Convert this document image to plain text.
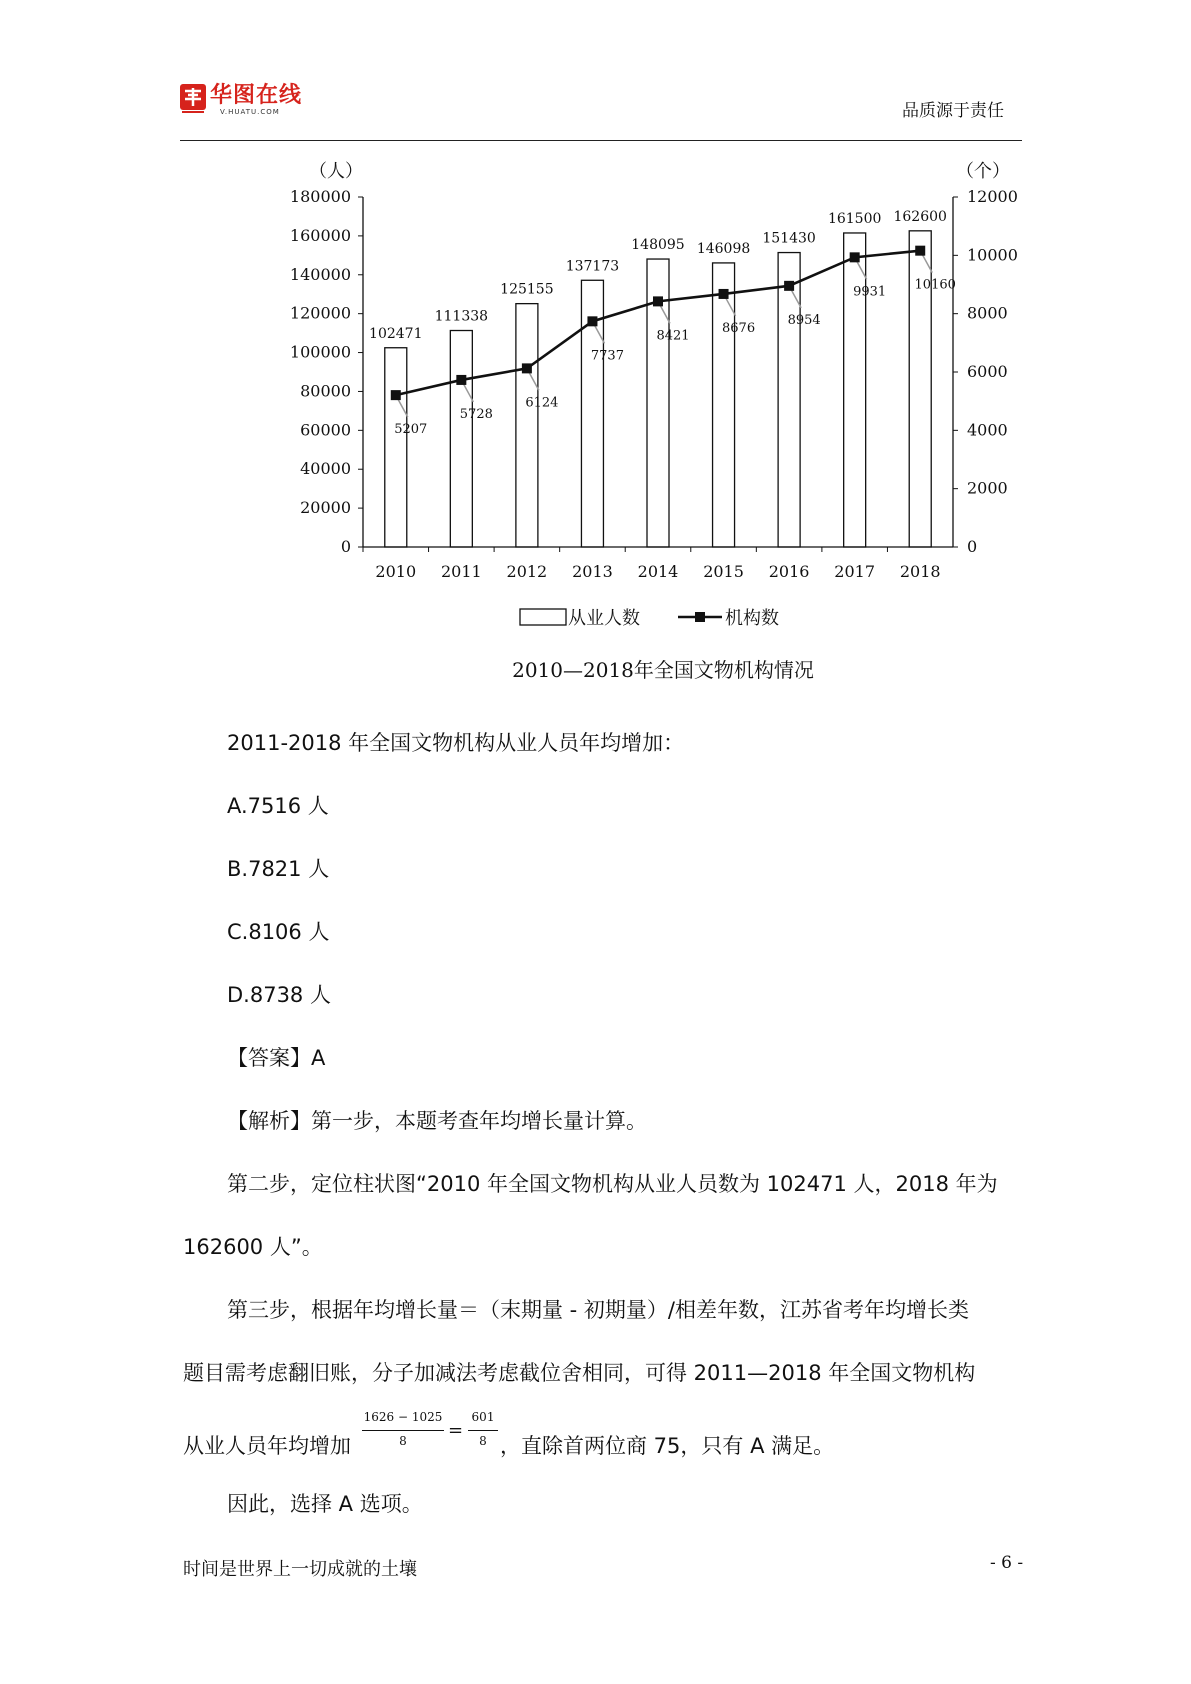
华图在线
V.HUATU.COM	品质源于责任
102471
111338
125155
137173
148095 146098
151430
161500 162600
0
20000
40000
60000
80000
100000
120000
140000
160000
180000
0
2000
4000
6000
8000
10000
12000
（人）	（个）
2010 2011 2012 2013 2014 2015 2016 2017 2018
5207
5728
6124
7737
8421 8676
8954
9931 10160
从业人数	机构数
2010—2018年全国文物机构情况
2011-2018 年全国文物机构从业人员年均增加：
A.7516 人
B.7821 人
C.8106 人
D.8738 人
【答案】A
【解析】第一步，本题考查年均增长量计算。
第二步，定位柱状图“2010 年全国文物机构从业人员数为 102471 人，2018 年为
162600 人”。
第三步，根据年均增长量＝（末期量 - 初期量）/相差年数，江苏省考年均增长类
题目需考虑翻旧账，分子加减法考虑截位舍相同，可得 2011—2018 年全国文物机构
从业人员年均增加
1626 − 1025
8	=
601
8 ，直除首两位商 75，只有 A 满足。
因此，选择 A 选项。
时间是世界上一切成就的土壤	- 6 -
